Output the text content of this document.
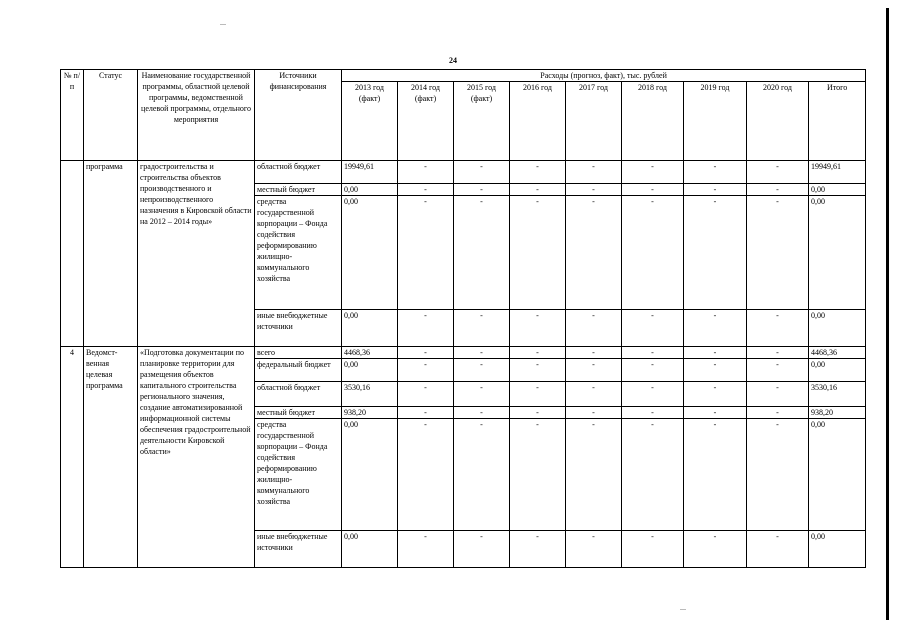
24
№ п/п	Статус	Наименование государственной программы, областной целевой программы, ведомственной целевой программы, отдельного мероприятия	Источники финансирования	Расходы (прогноз, факт), тыс. рублей								
				2013 год (факт)	2014 год (факт)	2015 год (факт)	2016 год	2017 год	2018 год	2019 год	2020 год	Итого
	программа	градостроительства и строительства объектов производственного и непроизводственного назначения в Кировской области на 2012 – 2014 годы»	областной бюджет	19949,61	-	-	-	-	-	-	-	19949,61
			местный бюджет	0,00	-	-	-	-	-	-	-	0,00
			средства государственной корпорации – Фонда содействия реформированию жилищно-коммунального хозяйства	0,00	-	-	-	-	-	-	-	0,00
			иные внебюджетные источники	0,00	-	-	-	-	-	-	-	0,00
4	Ведомст-венная целевая программа	«Подготовка документации по планировке территории для размещения объектов капитального строительства регионального значения, создание автоматизированной информационной системы обеспечения градостроительной деятельности Кировской области»	всего	4468,36	-	-	-	-	-	-	-	4468,36
			федеральный бюджет	0,00	-	-	-	-	-	-	-	0,00
			областной бюджет	3530,16	-	-	-	-	-	-	-	3530,16
			местный бюджет	938,20	-	-	-	-	-	-	-	938,20
			средства государственной корпорации – Фонда содействия реформированию жилищно-коммунального хозяйства	0,00	-	-	-	-	-	-	-	0,00
			иные внебюджетные источники	0,00	-	-	-	-	-	-	-	0,00
